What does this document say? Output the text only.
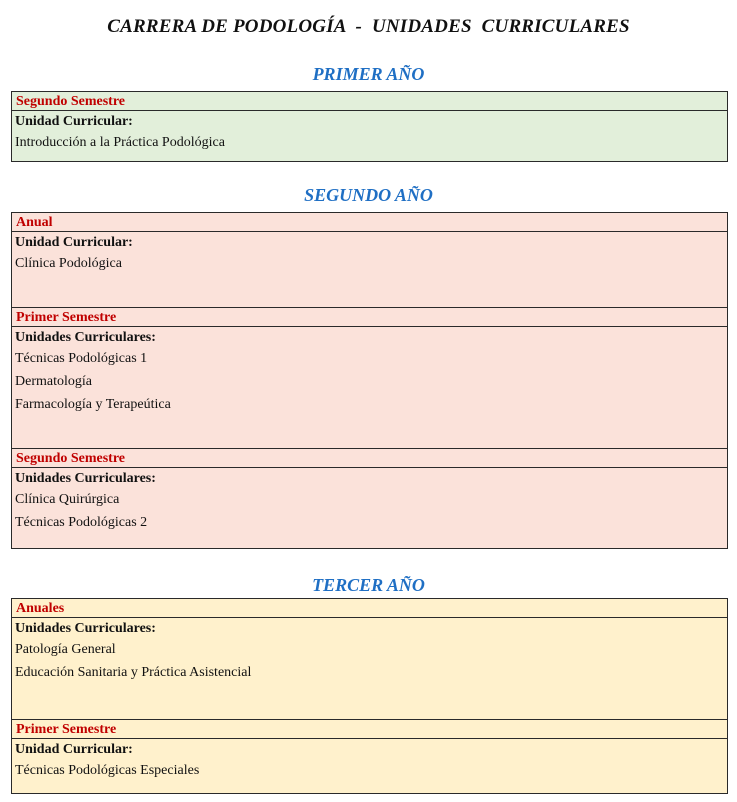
CARRERA DE PODOLOGÍA  -  UNIDADES  CURRICULARES
PRIMER AÑO
Segundo Semestre
Unidad Curricular:
Introducción a la Práctica Podológica
SEGUNDO AÑO
Anual
Unidad Curricular:
Clínica Podológica
Primer Semestre
Unidades Curriculares:
Técnicas Podológicas 1
Dermatología
Farmacología y Terapeútica
Segundo Semestre
Unidades Curriculares:
Clínica Quirúrgica
Técnicas Podológicas 2
TERCER AÑO
Anuales
Unidades Curriculares:
Patología General
Educación Sanitaria y Práctica Asistencial
Primer Semestre
Unidad Curricular:
Técnicas Podológicas Especiales
